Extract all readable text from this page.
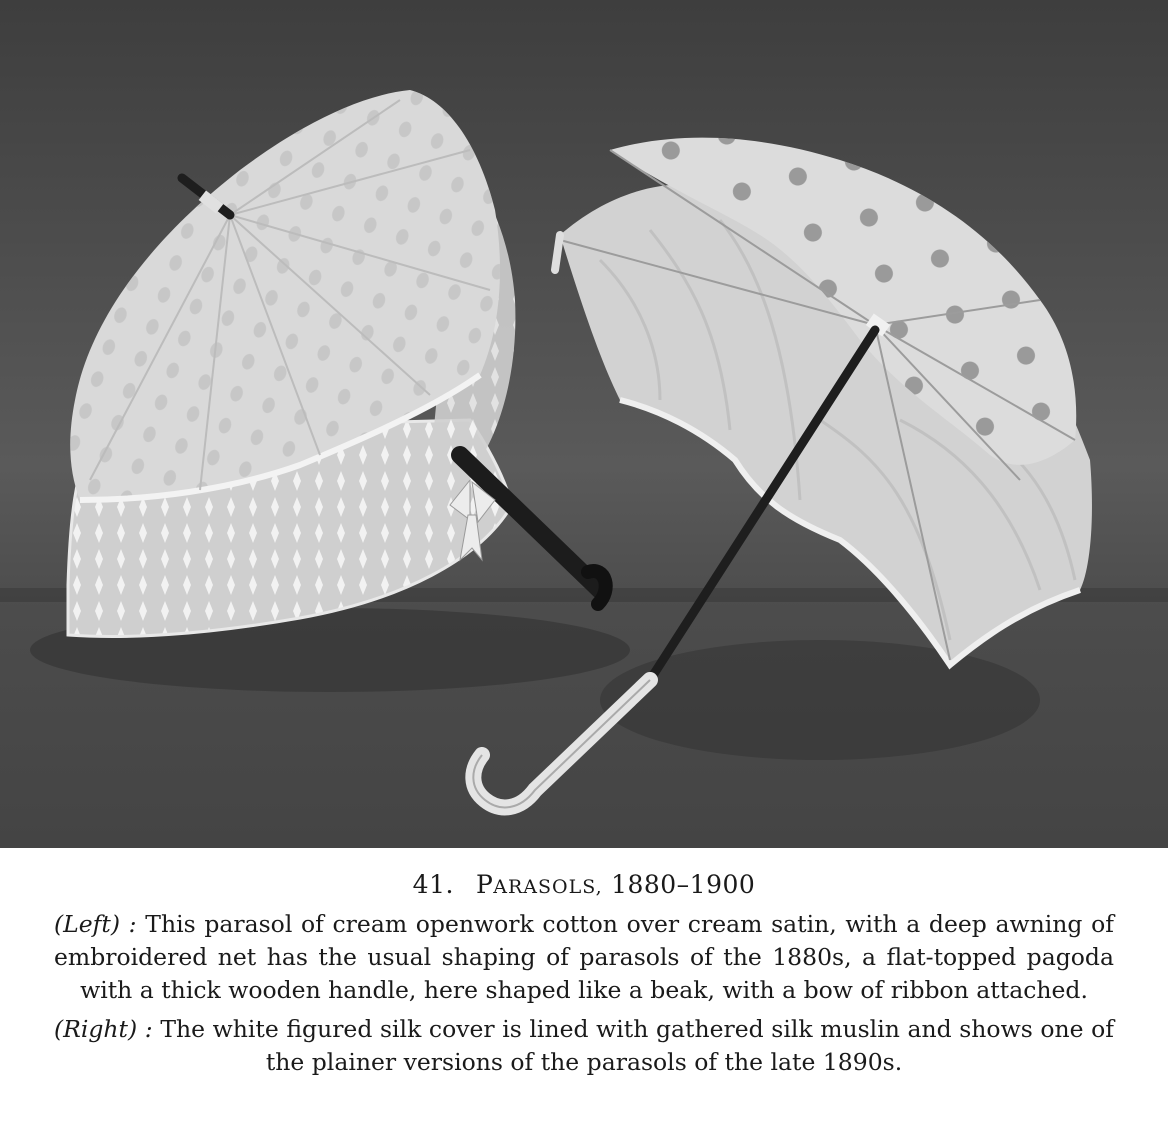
41. PARASOLS, 1880–1900
(Left) : This parasol of cream openwork cotton over cream satin, with a deep awning of embroidered net has the usual shaping of parasols of the 1880s, a flat-topped pagoda with a thick wooden handle, here shaped like a beak, with a bow of ribbon attached.
(Right) : The white figured silk cover is lined with gathered silk muslin and shows one of the plainer versions of the parasols of the late 1890s.
